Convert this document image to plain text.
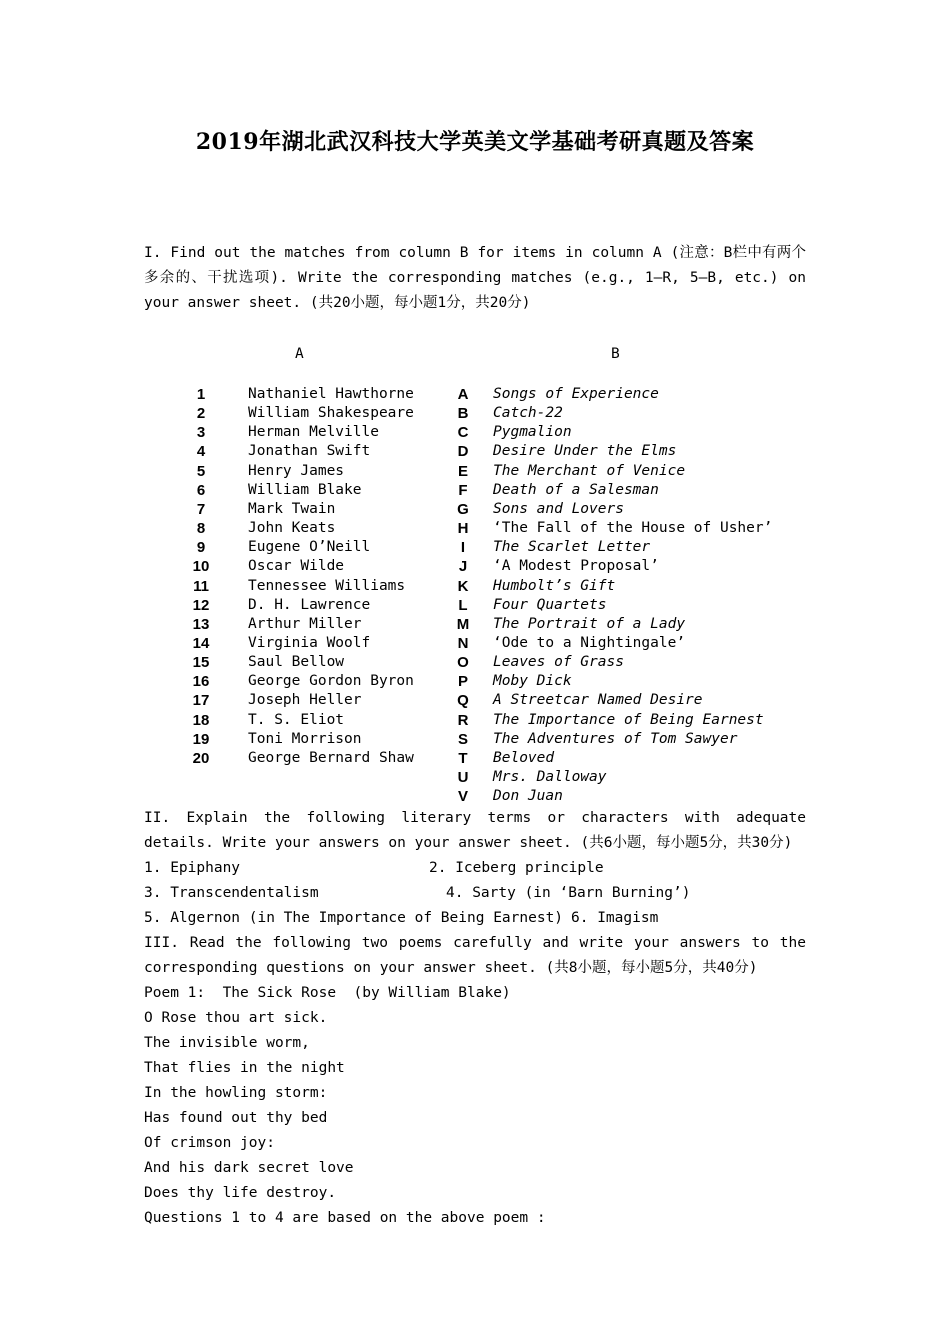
2019年湖北武汉科技大学英美文学基础考研真题及答案
I. Find out the matches from column B for items in column A (注意：B栏中有两个多余的、干扰选项). Write the corresponding matches (e.g., 1—R, 5—B, etc.) on your answer sheet. (共20小题，每小题1分，共20分)
A	B
1	Nathaniel Hawthorne	A Songs of Experience
2	William Shakespeare	B Catch-22
3	Herman Melville	C Pygmalion
4	Jonathan Swift	D Desire Under the Elms
5	Henry James	E The Merchant of Venice
6	William Blake	F Death of a Salesman
7	Mark Twain	G Sons and Lovers
8	John Keats	H ‘The Fall of the House of Usher’
9	Eugene O’Neill	I	The Scarlet Letter
10	Oscar Wilde	J ‘A Modest Proposal’
11	Tennessee Williams	K Humbolt’s Gift
12	D. H. Lawrence	L Four Quartets
13	Arthur Miller	M The Portrait of a Lady
14	Virginia Woolf	N ‘Ode to a Nightingale’
15	Saul Bellow	O Leaves of Grass
16	George Gordon Byron	P Moby Dick
17	Joseph Heller	Q A Streetcar Named Desire
18	T. S. Eliot	R The Importance of Being Earnest
19	Toni Morrison	S The Adventures of Tom Sawyer
20	George Bernard Shaw	T Beloved
U Mrs. Dalloway
V Don Juan
II. Explain the following literary terms or characters with adequate details. Write your answers on your answer sheet. (共6小题，每小题5分，共30分)
1. Epiphany	2. Iceberg principle
3. Transcendentalism	4. Sarty (in ‘Barn Burning’)
5. Algernon (in The Importance of Being Earnest) 6. Imagism
III. Read the following two poems carefully and write your answers to the corresponding questions on your answer sheet. (共8小题，每小题5分，共40分)
Poem 1:  The Sick Rose  (by William Blake)
O Rose thou art sick.
The invisible worm,
That flies in the night
In the howling storm:
Has found out thy bed
Of crimson joy:
And his dark secret love
Does thy life destroy.
Questions 1 to 4 are based on the above poem :
